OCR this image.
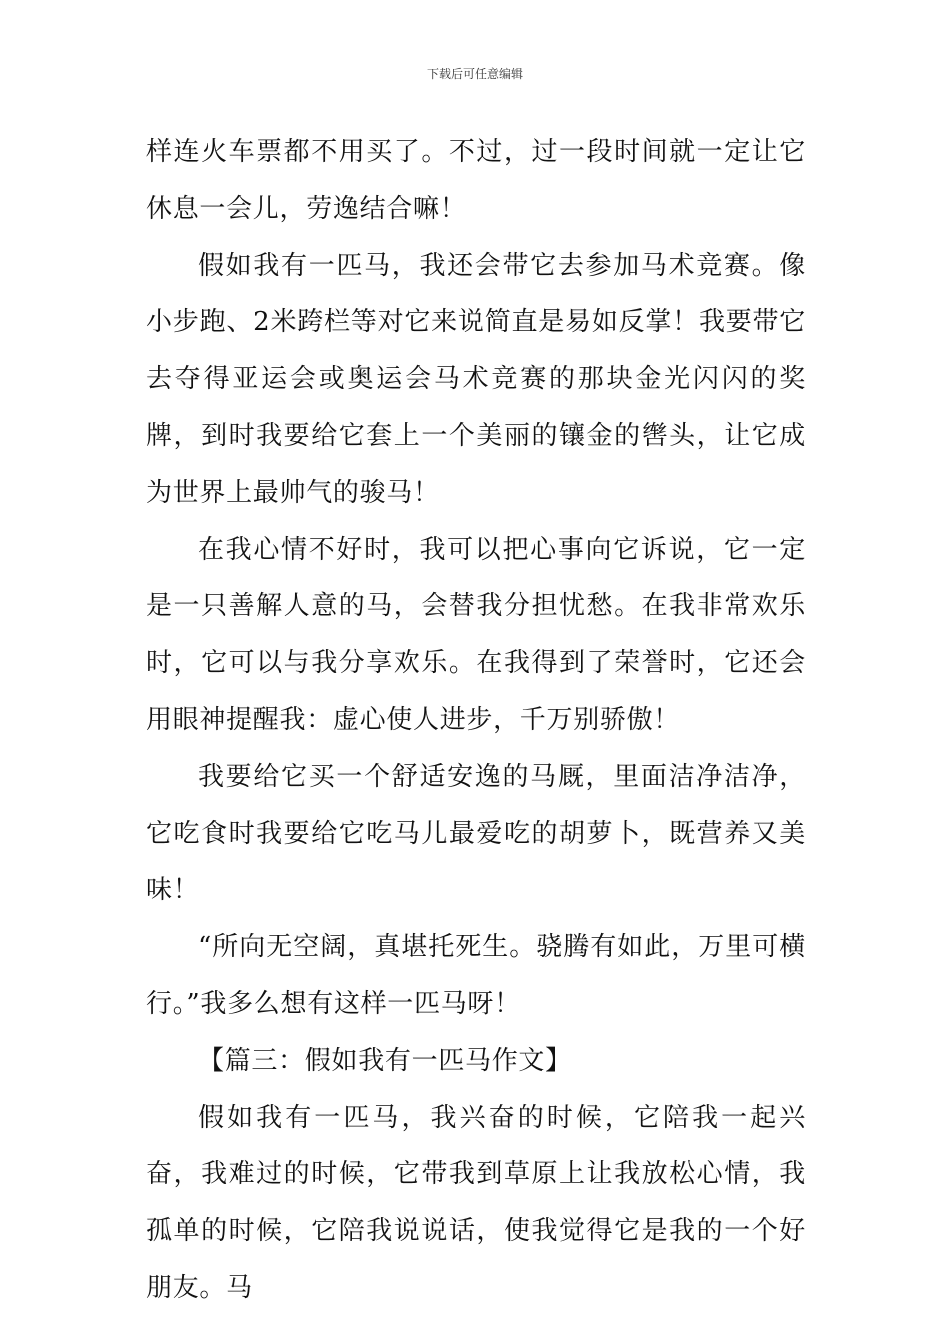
下载后可任意编辑

样连火车票都不用买了。不过，过一段时间就一定让它休息一会儿，劳逸结合嘛！

假如我有一匹马，我还会带它去参加马术竞赛。像小步跑、2米跨栏等对它来说简直是易如反掌！我要带它去夺得亚运会或奥运会马术竞赛的那块金光闪闪的奖牌，到时我要给它套上一个美丽的镶金的辔头，让它成为世界上最帅气的骏马！

在我心情不好时，我可以把心事向它诉说，它一定是一只善解人意的马，会替我分担忧愁。在我非常欢乐时，它可以与我分享欢乐。在我得到了荣誉时，它还会用眼神提醒我：虚心使人进步，千万别骄傲！

我要给它买一个舒适安逸的马厩，里面洁净洁净，它吃食时我要给它吃马儿最爱吃的胡萝卜，既营养又美味！

“所向无空阔，真堪托死生。骁腾有如此，万里可横行。”我多么想有这样一匹马呀！

【篇三：假如我有一匹马作文】

假如我有一匹马，我兴奋的时候，它陪我一起兴奋，我难过的时候，它带我到草原上让我放松心情，我孤单的时候，它陪我说说话，使我觉得它是我的一个好朋友。马
